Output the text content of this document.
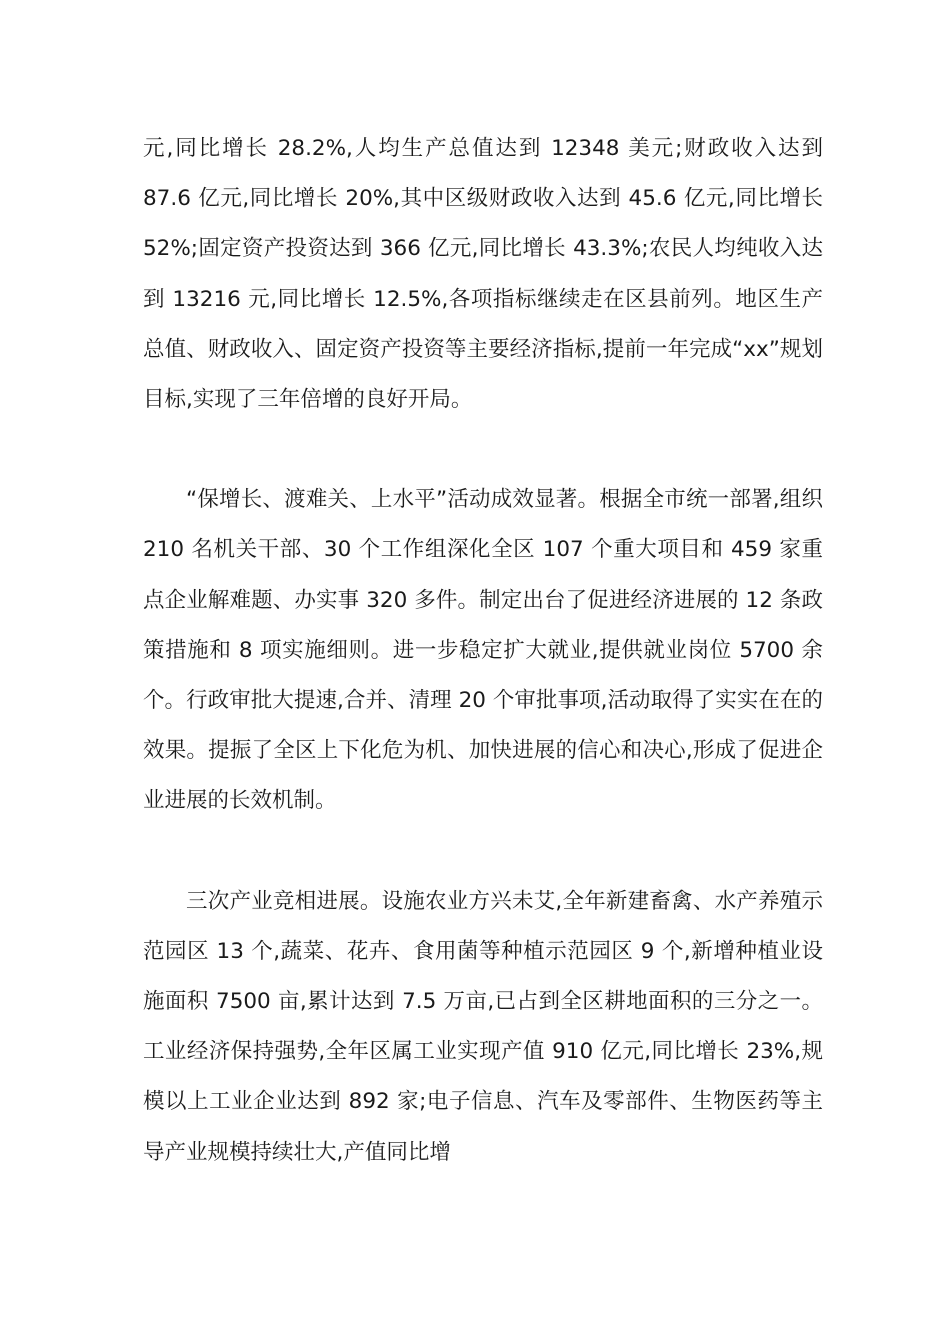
元,同比增长 28.2%,人均生产总值达到 12348 美元;财政收入达到 87.6 亿元,同比增长 20%,其中区级财政收入达到 45.6 亿元,同比增长 52%;固定资产投资达到 366 亿元,同比增长 43.3%;农民人均纯收入达到 13216 元,同比增长 12.5%,各项指标继续走在区县前列。地区生产总值、财政收入、固定资产投资等主要经济指标,提前一年完成“xx”规划目标,实现了三年倍增的良好开局。

“保增长、渡难关、上水平”活动成效显著。根据全市统一部署,组织 210 名机关干部、30 个工作组深化全区 107 个重大项目和 459 家重点企业解难题、办实事 320 多件。制定出台了促进经济进展的 12 条政策措施和 8 项实施细则。进一步稳定扩大就业,提供就业岗位 5700 余个。行政审批大提速,合并、清理 20 个审批事项,活动取得了实实在在的效果。提振了全区上下化危为机、加快进展的信心和决心,形成了促进企业进展的长效机制。

三次产业竞相进展。设施农业方兴未艾,全年新建畜禽、水产养殖示范园区 13 个,蔬菜、花卉、食用菌等种植示范园区 9 个,新增种植业设施面积 7500 亩,累计达到 7.5 万亩,已占到全区耕地面积的三分之一。工业经济保持强势,全年区属工业实现产值 910 亿元,同比增长 23%,规模以上工业企业达到 892 家;电子信息、汽车及零部件、生物医药等主导产业规模持续壮大,产值同比增
